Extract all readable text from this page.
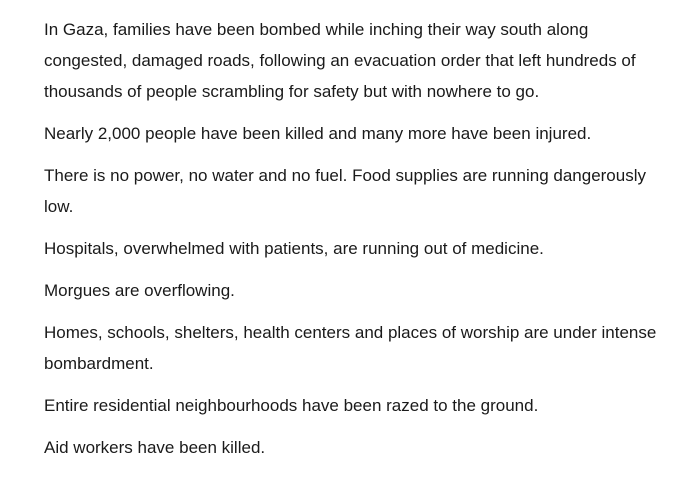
In Gaza, families have been bombed while inching their way south along congested, damaged roads, following an evacuation order that left hundreds of thousands of people scrambling for safety but with nowhere to go.

Nearly 2,000 people have been killed and many more have been injured.

There is no power, no water and no fuel. Food supplies are running dangerously low.

Hospitals, overwhelmed with patients, are running out of medicine.

Morgues are overflowing.

Homes, schools, shelters, health centers and places of worship are under intense bombardment.

Entire residential neighbourhoods have been razed to the ground.

Aid workers have been killed.
